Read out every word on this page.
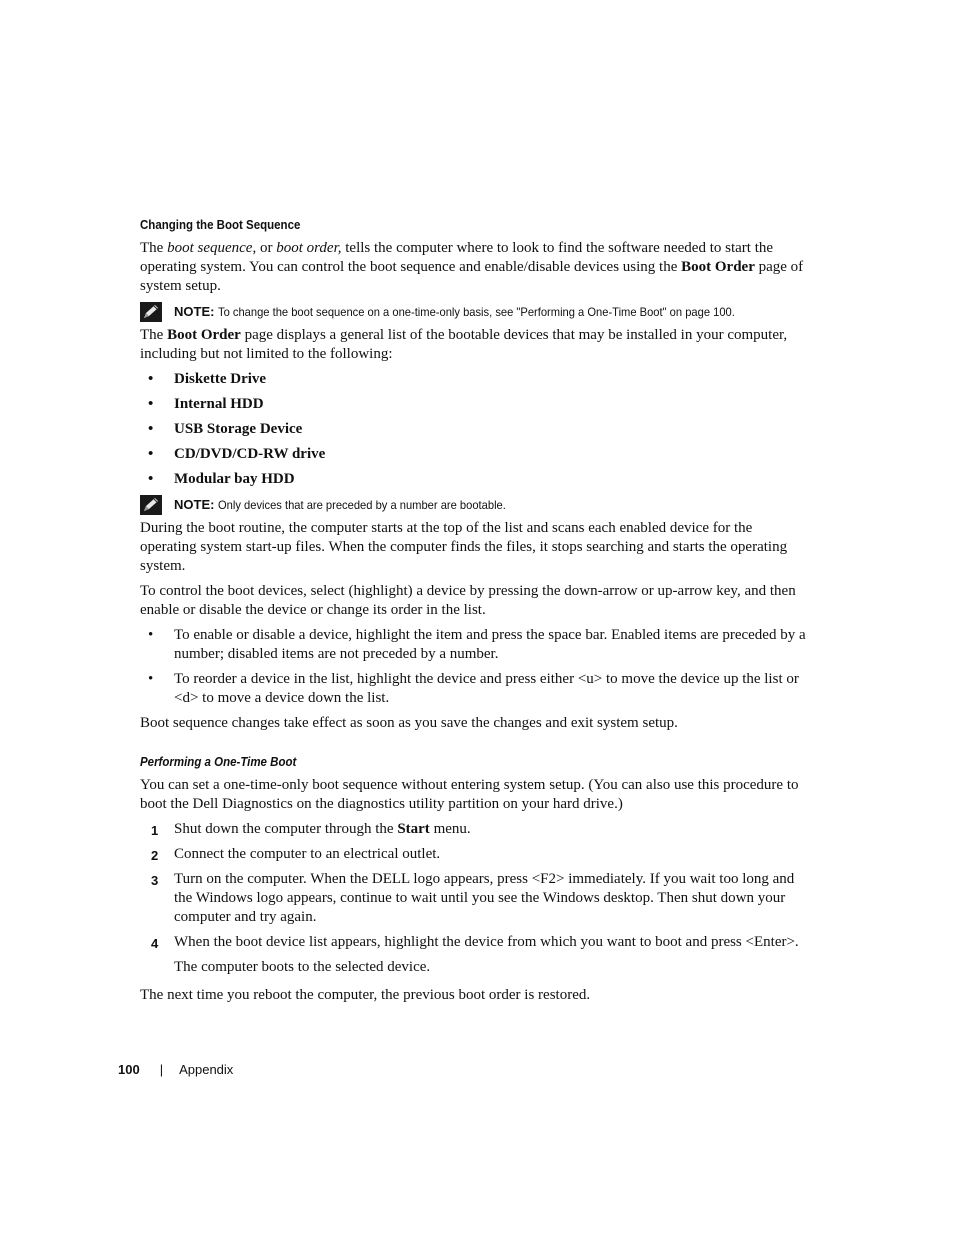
Changing the Boot Sequence

The boot sequence, or boot order, tells the computer where to look to find the software needed to start the operating system. You can control the boot sequence and enable/disable devices using the Boot Order page of system setup.

NOTE: To change the boot sequence on a one-time-only basis, see "Performing a One-Time Boot" on page 100.

The Boot Order page displays a general list of the bootable devices that may be installed in your computer, including but not limited to the following:

• Diskette Drive
• Internal HDD
• USB Storage Device
• CD/DVD/CD-RW drive
• Modular bay HDD
NOTE: Only devices that are preceded by a number are bootable.

During the boot routine, the computer starts at the top of the list and scans each enabled device for the operating system start-up files. When the computer finds the files, it stops searching and starts the operating system.

To control the boot devices, select (highlight) a device by pressing the down-arrow or up-arrow key, and then enable or disable the device or change its order in the list.

• To enable or disable a device, highlight the item and press the space bar. Enabled items are preceded by a number; disabled items are not preceded by a number.
• To reorder a device in the list, highlight the device and press either <u> to move the device up the list or <d> to move a device down the list.

Boot sequence changes take effect as soon as you save the changes and exit system setup.

Performing a One-Time Boot

You can set a one-time-only boot sequence without entering system setup. (You can also use this procedure to boot the Dell Diagnostics on the diagnostics utility partition on your hard drive.)

1 Shut down the computer through the Start menu.
2 Connect the computer to an electrical outlet.
3 Turn on the computer. When the DELL logo appears, press <F2> immediately. If you wait too long and the Windows logo appears, continue to wait until you see the Windows desktop. Then shut down your computer and try again.
4 When the boot device list appears, highlight the device from which you want to boot and press <Enter>.
The computer boots to the selected device.

The next time you reboot the computer, the previous boot order is restored.

100 | Appendix
